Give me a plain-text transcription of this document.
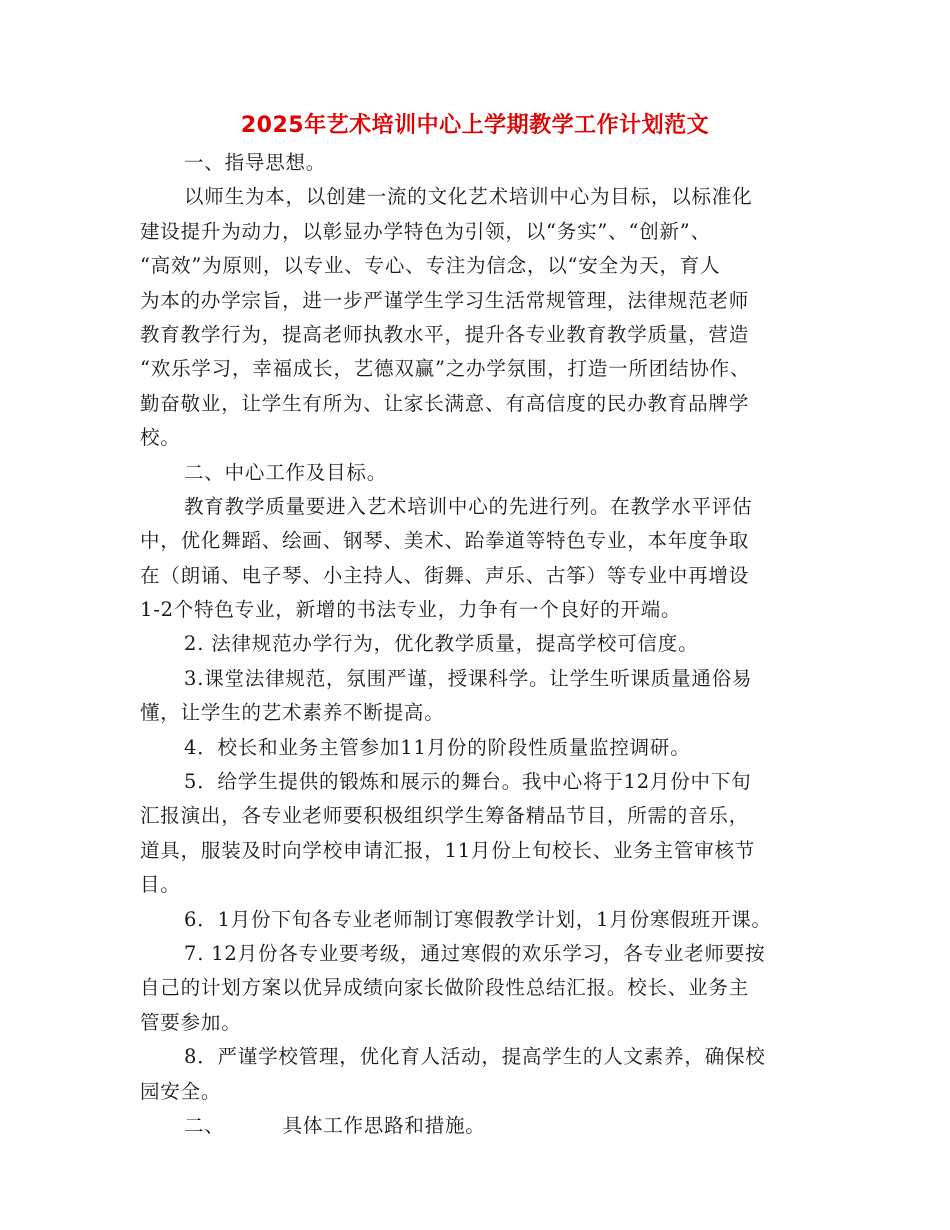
2025年艺术培训中心上学期教学工作计划范文
一、指导思想。
以师生为本，以创建一流的文化艺术培训中心为目标，以标准化
建设提升为动力，以彰显办学特色为引领，以“务实”、“创新”、
“高效”为原则，以专业、专心、专注为信念，以“安全为天，育人
为本的办学宗旨，进一步严谨学生学习生活常规管理，法律规范老师
教育教学行为，提高老师执教水平，提升各专业教育教学质量，营造
“欢乐学习，幸福成长，艺德双赢”之办学氛围，打造一所团结协作、
勤奋敬业，让学生有所为、让家长满意、有高信度的民办教育品牌学
校。
二、中心工作及目标。
教育教学质量要进入艺术培训中心的先进行列。在教学水平评估
中，优化舞蹈、绘画、钢琴、美术、跆拳道等特色专业，本年度争取
在（朗诵、电子琴、小主持人、街舞、声乐、古筝）等专业中再增设
1-2个特色专业，新增的书法专业，力争有一个良好的开端。
2. 法律规范办学行为，优化教学质量，提高学校可信度。
3.课堂法律规范，氛围严谨，授课科学。让学生听课质量通俗易
懂，让学生的艺术素养不断提高。
4．校长和业务主管参加11月份的阶段性质量监控调研。
5．给学生提供的锻炼和展示的舞台。我中心将于12月份中下旬
汇报演出，各专业老师要积极组织学生筹备精品节目，所需的音乐，
道具，服装及时向学校申请汇报，11月份上旬校长、业务主管审核节
目。
6．1月份下旬各专业老师制订寒假教学计划，1月份寒假班开课。
7. 12月份各专业要考级，通过寒假的欢乐学习，各专业老师要按
自己的计划方案以优异成绩向家长做阶段性总结汇报。校长、业务主
管要参加。
8．严谨学校管理，优化育人活动，提高学生的人文素养，确保校
园安全。
二、	具体工作思路和措施。
